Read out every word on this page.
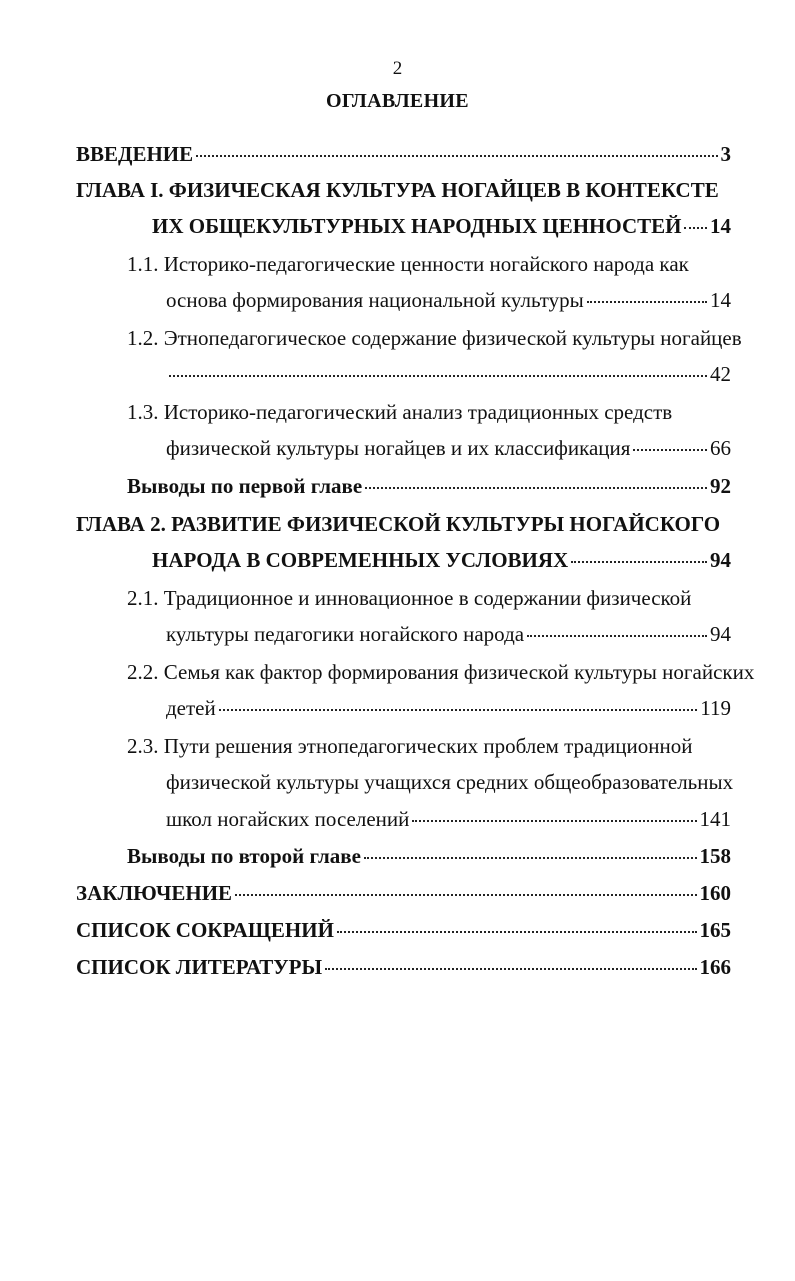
2
ОГЛАВЛЕНИЕ
ВВЕДЕНИЕ	3
ГЛАВА I. ФИЗИЧЕСКАЯ КУЛЬТУРА НОГАЙЦЕВ В КОНТЕКСТЕ
ИХ ОБЩЕКУЛЬТУРНЫХ НАРОДНЫХ ЦЕННОСТЕЙ 14
1.1. Историко-педагогические ценности ногайского народа как
основа формирования национальной культуры	14
1.2. Этнопедагогическое содержание физической культуры ногайцев
42
1.3. Историко-педагогический анализ традиционных средств
физической культуры ногайцев и их классификация	66
Выводы по первой главе	92
ГЛАВА 2. РАЗВИТИЕ ФИЗИЧЕСКОЙ КУЛЬТУРЫ НОГАЙСКОГО
НАРОДА В СОВРЕМЕННЫХ УСЛОВИЯХ	94
2.1. Традиционное и инновационное в содержании физической
культуры педагогики ногайского народа	94
2.2. Семья как фактор формирования физической культуры ногайских
детей	119
2.3. Пути решения этнопедагогических проблем традиционной
физической культуры учащихся средних общеобразовательных
школ ногайских поселений	141
Выводы по второй главе	158
ЗАКЛЮЧЕНИЕ	160
СПИСОК СОКРАЩЕНИЙ	165
СПИСОК ЛИТЕРАТУРЫ	166
